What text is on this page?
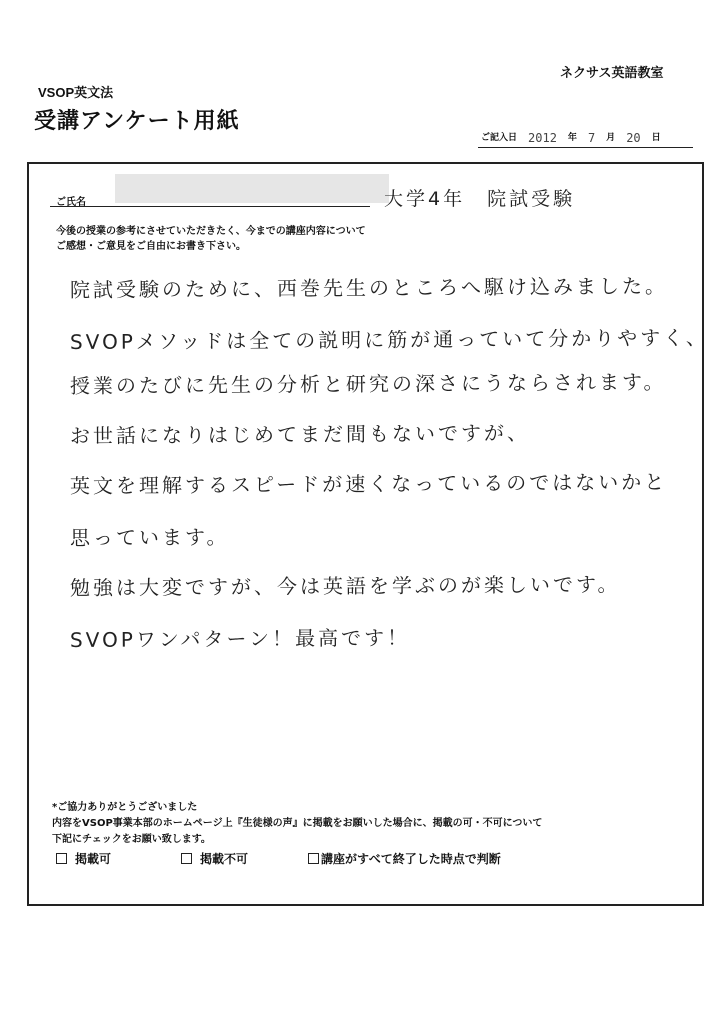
ネクサス英語教室
VSOP英文法
受講アンケート用紙
ご記入日 2012 年 7 月 20 日
ご氏名	大学4年　院試受験
今後の授業の参考にさせていただきたく、今までの講座内容について
ご感想・ご意見をご自由にお書き下さい。
院試受験のために、西巻先生のところへ駆け込みました。
SVOPメソッドは全ての説明に筋が通っていて分かりやすく、
授業のたびに先生の分析と研究の深さにうならされます。
お世話になりはじめてまだ間もないですが、
英文を理解するスピードが速くなっているのではないかと
思っています。
勉強は大変ですが、今は英語を学ぶのが楽しいです。
SVOPワンパターン！最高です！
*ご協力ありがとうございました
内容をVSOP事業本部のホームページ上『生徒様の声』に掲載をお願いした場合に、掲載の可・不可について
下記にチェックをお願い致します。
掲載可	掲載不可	講座がすべて終了した時点で判断
